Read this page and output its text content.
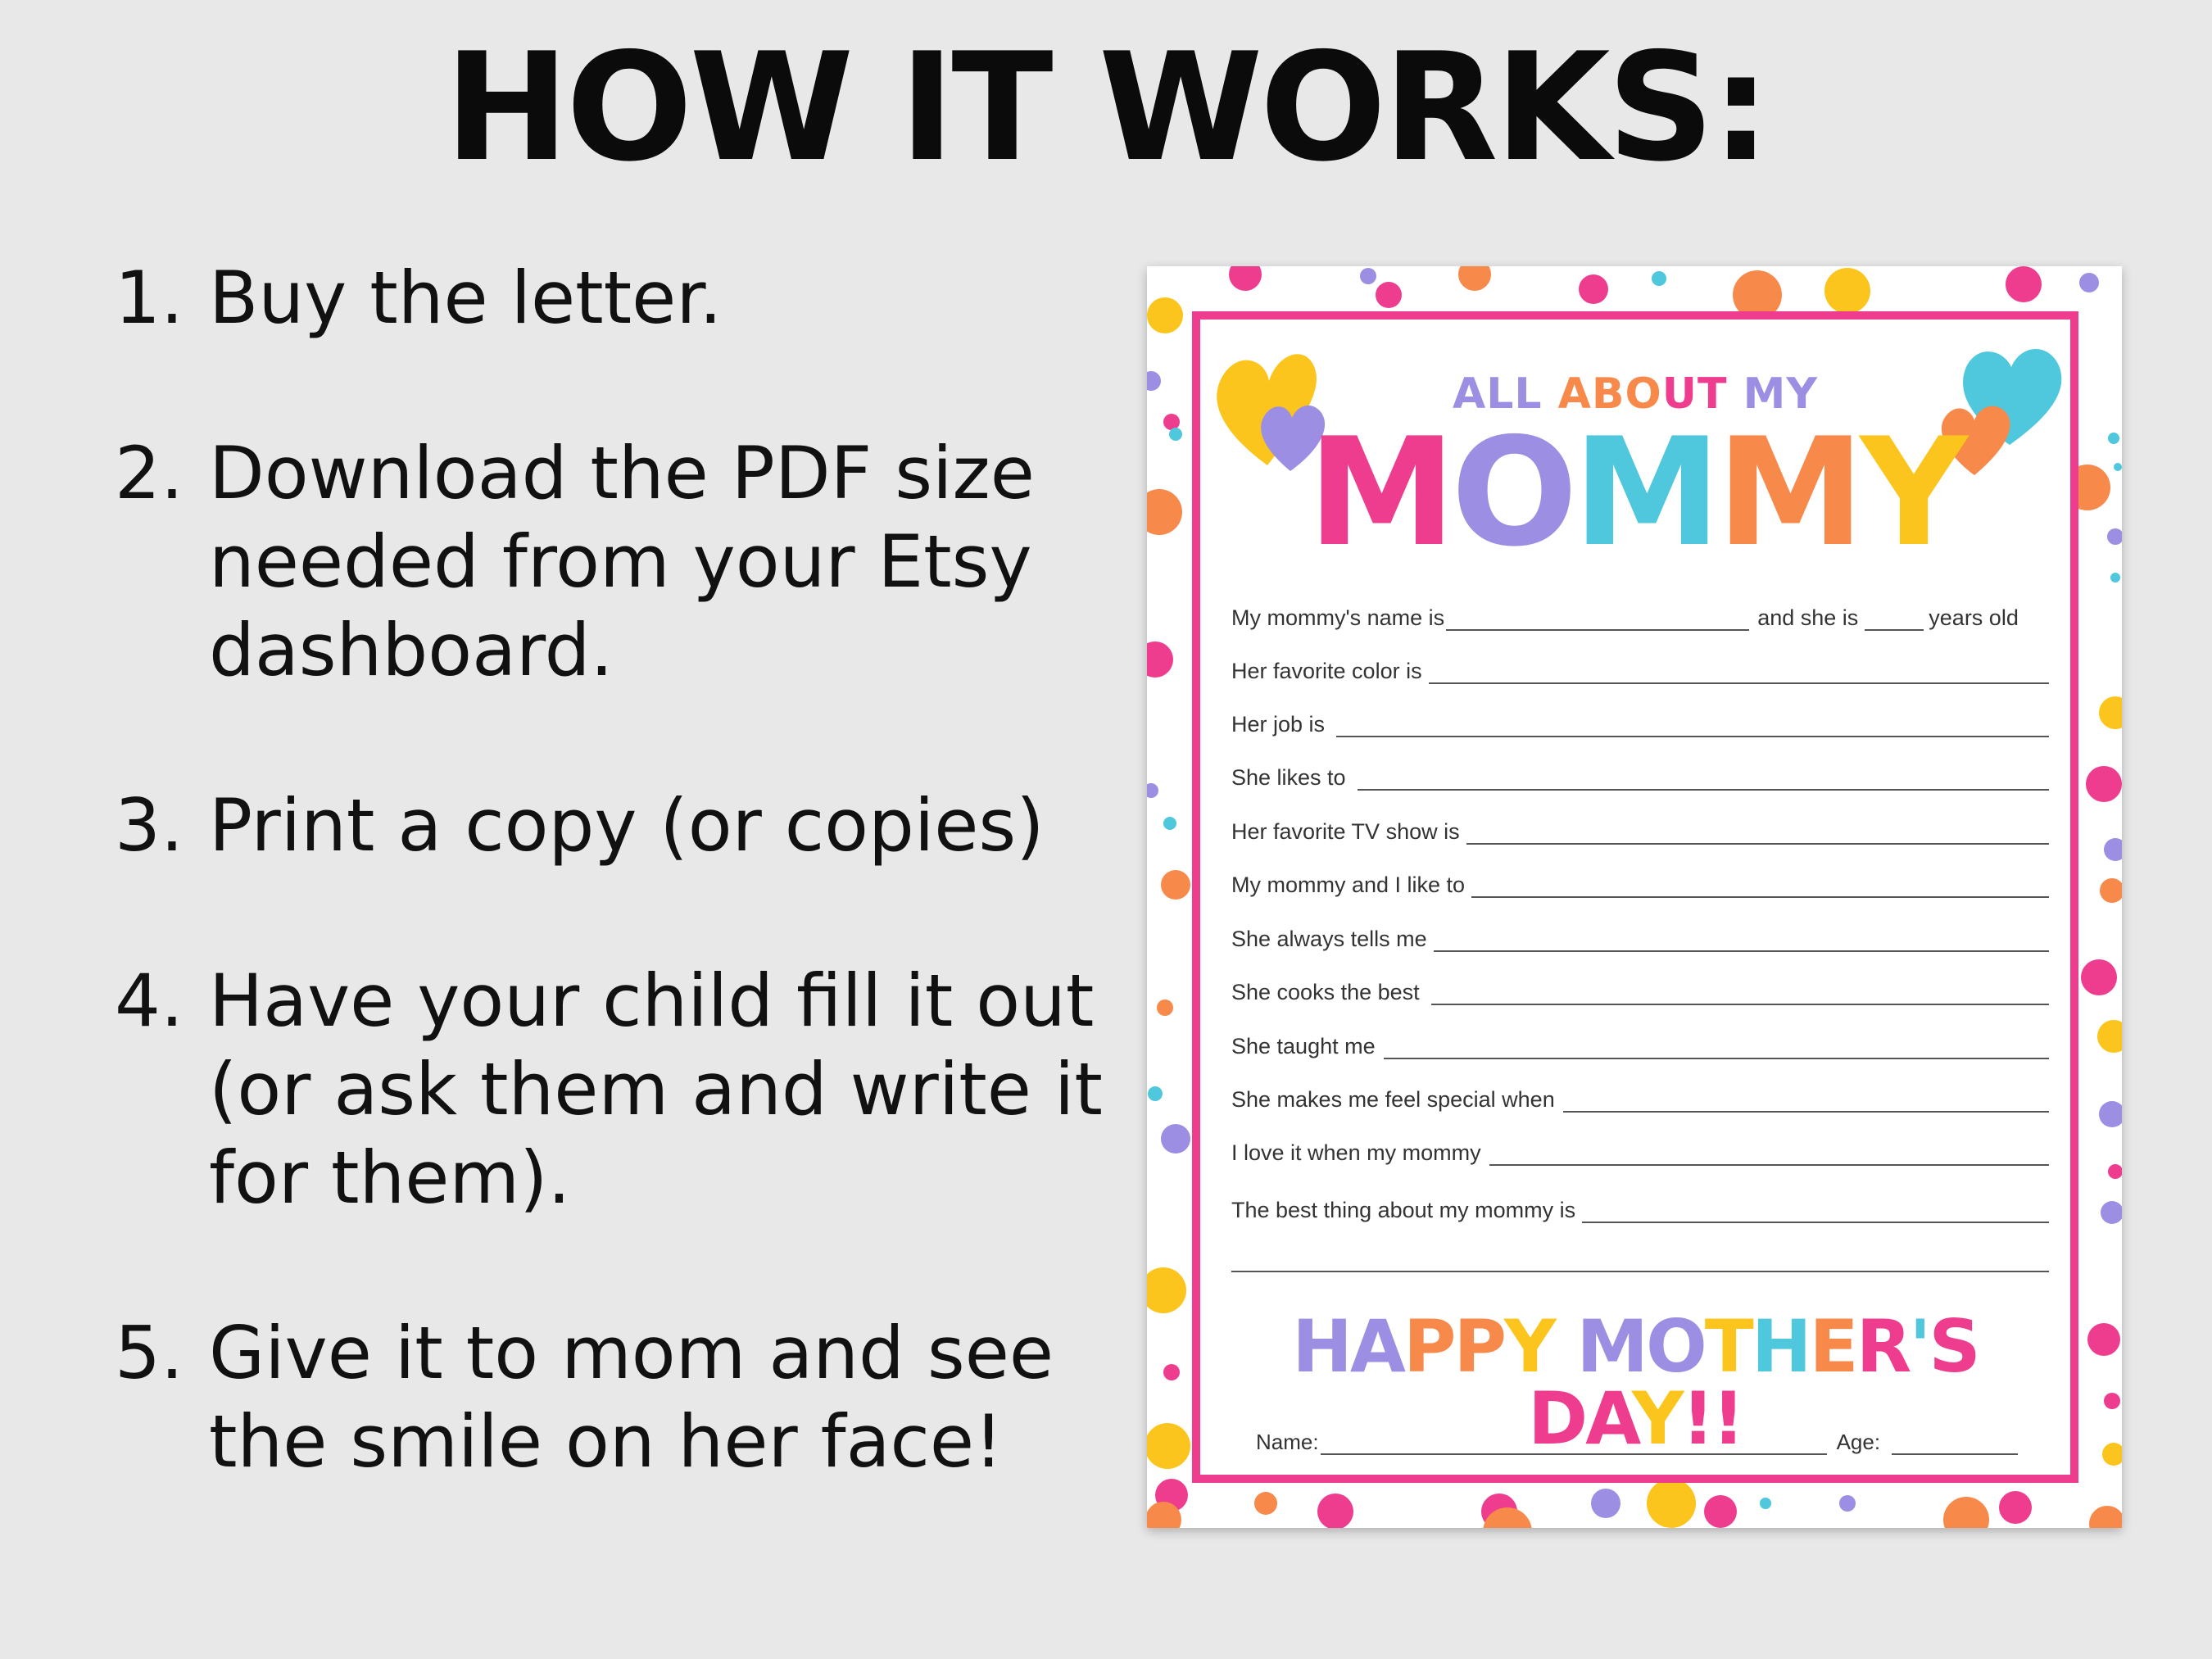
HOW IT WORKS:
1. Buy the letter.
2. Download the PDF size
needed from your Etsy
dashboard.
3. Print a copy (or copies)
4. Have your child fill it out
(or ask them and write it
for them).
5. Give it to mom and see
the smile on her face!
ALL ABOUT MY
MOMMY
My mommy's name is	and she is	years old
Her favorite color is
Her job is
She likes to
Her favorite TV show is
My mommy and I like to
She always tells me
She cooks the best
She taught me
She makes me feel special when
I love it when my mommy
The best thing about my mommy is
HAPPY MOTHER'S DAY!!
Name:	Age:
